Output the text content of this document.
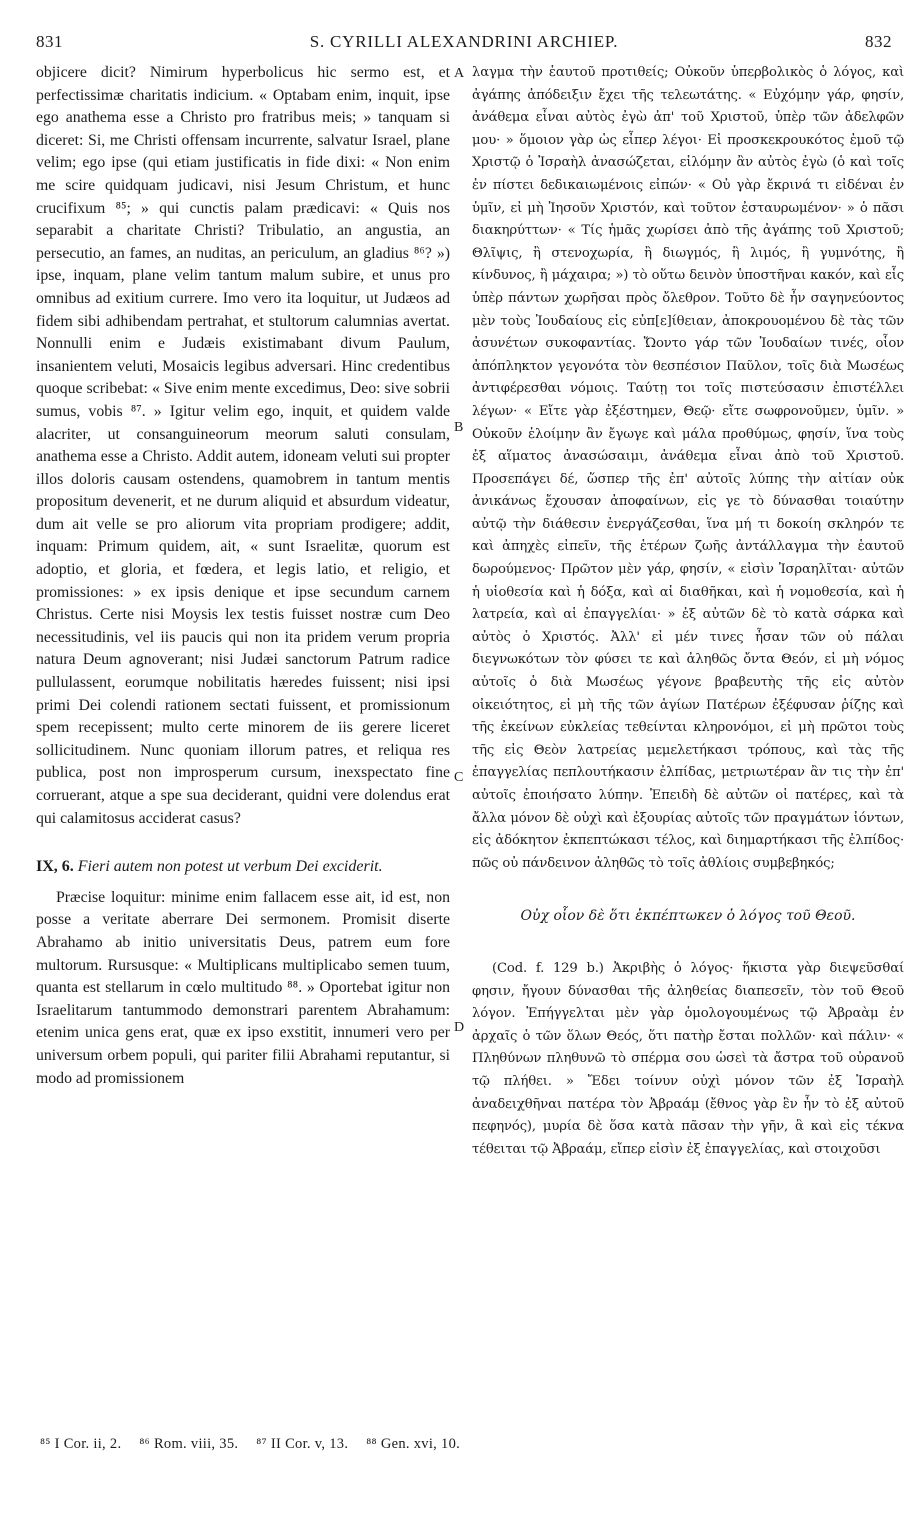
831	S. CYRILLI ALEXANDRINI ARCHIEP.	832
A
B
C
D

objicere dicit? Nimirum hyperbolicus hic sermo est, et perfectissimæ charitatis indicium. « Optabam enim, inquit, ipse ego anathema esse a Christo pro fratribus meis; » tanquam si diceret: Si, me Christi offensam incurrente, salvatur Israel, plane velim; ego ipse (qui etiam justificatis in fide dixi: « Non enim me scire quidquam judicavi, nisi Jesum Christum, et hunc crucifixum ⁸⁵; » qui cunctis palam prædicavi: « Quis nos separabit a charitate Christi? Tribulatio, an angustia, an persecutio, an fames, an nuditas, an periculum, an gladius ⁸⁶? ») ipse, inquam, plane velim tantum malum subire, et unus pro omnibus ad exitium currere. Imo vero ita loquitur, ut Judæos ad fidem sibi adhibendam pertrahat, et stultorum calumnias avertat. Nonnulli enim e Judæis existimabant divum Paulum, insanientem veluti, Mosaicis legibus adversari. Hinc credentibus quoque scribebat: « Sive enim mente excedimus, Deo: sive sobrii sumus, vobis ⁸⁷. » Igitur velim ego, inquit, et quidem valde alacriter, ut consanguineorum meorum saluti consulam, anathema esse a Christo. Addit autem, idoneam veluti sui propter illos doloris causam ostendens, quamobrem in tantum mentis propositum devenerit, et ne durum aliquid et absurdum videatur, dum ait velle se pro aliorum vita propriam prodigere; addit, inquam: Primum quidem, ait, « sunt Israelitæ, quorum est adoptio, et gloria, et fœdera, et legis latio, et religio, et promissiones: » ex ipsis denique et ipse secundum carnem Christus. Certe nisi Moysis lex testis fuisset nostræ cum Deo necessitudinis, vel iis paucis qui non ita pridem verum propria natura Deum agnoverant; nisi Judæi sanctorum Patrum radice pullulassent, eorumque nobilitatis hæredes fuissent; nisi ipsi primi Dei colendi rationem sectati fuissent, et promissionum spem recepissent; multo certe minorem de iis gerere liceret sollicitudinem. Nunc quoniam illorum patres, et reliqua res publica, post non improsperum cursum, inexspectato fine corruerant, atque a spe sua deciderant, quidni vere dolendus erat qui calamitosus acciderat casus?

IX, 6. Fieri autem non potest ut verbum Dei exciderit.

Præcise loquitur: minime enim fallacem esse ait, id est, non posse a veritate aberrare Dei sermonem. Promisit diserte Abrahamo ab initio universitatis Deus, patrem eum fore multorum. Rursusque: « Multiplicans multiplicabo semen tuum, quanta est stellarum in cœlo multitudo ⁸⁸. » Oportebat igitur non Israelitarum tantummodo demonstrari parentem Abrahamum: etenim unica gens erat, quæ ex ipso exstitit, innumeri vero per universum orbem populi, qui pariter filii Abrahami reputantur, si modo ad promissionem

λαγμα τὴν ἑαυτοῦ προτιθείς; Οὐκοῦν ὑπερβολικὸς ὁ λόγος, καὶ ἀγάπης ἀπόδειξιν ἔχει τῆς τελεωτάτης. « Εὐχόμην γάρ, φησίν, ἀνάθεμα εἶναι αὐτὸς ἐγὼ ἀπ' τοῦ Χριστοῦ, ὑπὲρ τῶν ἀδελφῶν μου· » ὅμοιον γὰρ ὡς εἶπερ λέγοι· Εἰ προσκεκρουκότος ἐμοῦ τῷ Χριστῷ ὁ Ἰσραὴλ ἀνασώζεται, εἰλόμην ἂν αὐτὸς ἐγὼ (ὁ καὶ τοῖς ἐν πίστει δεδικαιωμένοις εἰπών· « Οὐ γὰρ ἔκρινά τι εἰδέναι ἐν ὑμῖν, εἰ μὴ Ἰησοῦν Χριστόν, καὶ τοῦτον ἐσταυρωμένον· » ὁ πᾶσι διακηρύττων· « Τίς ἡμᾶς χωρίσει ἀπὸ τῆς ἀγάπης τοῦ Χριστοῦ; Θλῖψις, ἢ στενοχωρία, ἢ διωγμός, ἢ λιμός, ἢ γυμνότης, ἢ κίνδυνος, ἢ μάχαιρα; ») τὸ οὕτω δεινὸν ὑποστῆναι κακόν, καὶ εἷς ὑπὲρ πάντων χωρῆσαι πρὸς ὄλεθρον. Τοῦτο δὲ ἦν σαγηνεύοντος μὲν τοὺς Ἰουδαίους εἰς εὐπ[ε]ίθειαν, ἀποκρουομένου δὲ τὰς τῶν ἀσυνέτων συκοφαντίας. Ὤοντο γάρ τῶν Ἰουδαίων τινές, οἷον ἀπόπληκτον γεγονότα τὸν θεσπέσιον Παῦλον, τοῖς διὰ Μωσέως ἀντιφέρεσθαι νόμοις. Ταύτῃ τοι τοῖς πιστεύσασιν ἐπιστέλλει λέγων· « Εἴτε γὰρ ἐξέστημεν, Θεῷ· εἴτε σωφρονοῦμεν, ὑμῖν. » Οὐκοῦν ἑλοίμην ἂν ἔγωγε καὶ μάλα προθύμως, φησίν, ἵνα τοὺς ἐξ αἵματος ἀνασώσαιμι, ἀνάθεμα εἶναι ἀπὸ τοῦ Χριστοῦ. Προσεπάγει δέ, ὥσπερ τῆς ἐπ' αὐτοῖς λύπης τὴν αἰτίαν οὐκ ἀνικάνως ἔχουσαν ἀποφαίνων, εἰς γε τὸ δύνασθαι τοιαύτην αὐτῷ τὴν διάθεσιν ἐνεργάζεσθαι, ἵνα μή τι δοκοίη σκληρόν τε καὶ ἀπηχὲς εἰπεῖν, τῆς ἑτέρων ζωῆς ἀντάλλαγμα τὴν ἑαυτοῦ δωρούμενος· Πρῶτον μὲν γάρ, φησίν, « εἰσὶν Ἰσραηλῖται· αὐτῶν ἡ υἱοθεσία καὶ ἡ δόξα, καὶ αἱ διαθῆκαι, καὶ ἡ νομοθεσία, καὶ ἡ λατρεία, καὶ αἱ ἐπαγγελίαι· » ἐξ αὐτῶν δὲ τὸ κατὰ σάρκα καὶ αὐτὸς ὁ Χριστός. Ἀλλ' εἰ μέν τινες ἦσαν τῶν οὐ πάλαι διεγνωκότων τὸν φύσει τε καὶ ἀληθῶς ὄντα Θεόν, εἰ μὴ νόμος αὐτοῖς ὁ διὰ Μωσέως γέγονε βραβευτὴς τῆς εἰς αὐτὸν οἰκειότητος, εἰ μὴ τῆς τῶν ἁγίων Πατέρων ἐξέφυσαν ῥίζης καὶ τῆς ἐκείνων εὐκλείας τεθείνται κληρονόμοι, εἰ μὴ πρῶτοι τοὺς τῆς εἰς Θεὸν λατρείας μεμελετήκασι τρόπους, καὶ τὰς τῆς ἐπαγγελίας πεπλουτήκασιν ἐλπίδας, μετριωτέραν ἂν τις τὴν ἐπ' αὐτοῖς ἐποιήσατο λύπην. Ἐπειδὴ δὲ αὐτῶν οἱ πατέρες, καὶ τὰ ἄλλα μόνον δὲ οὐχὶ καὶ ἐξουρίας αὐτοῖς τῶν πραγμάτων ἰόντων, εἰς ἀδόκητον ἐκπεπτώκασι τέλος, καὶ διημαρτήκασι τῆς ἐλπίδος· πῶς οὐ πάνδεινον ἀληθῶς τὸ τοῖς ἀθλίοις συμβεβηκός;

Οὐχ οἷον δὲ ὅτι ἐκπέπτωκεν ὁ λόγος τοῦ Θεοῦ.

(Cod. f. 129 b.) Ἀκριβὴς ὁ λόγος· ἥκιστα γὰρ διεψεῦσθαί φησιν, ἤγουν δύνασθαι τῆς ἀληθείας διαπεσεῖν, τὸν τοῦ Θεοῦ λόγον. Ἐπήγγελται μὲν γὰρ ὁμολογουμένως τῷ Ἀβραὰμ ἐν ἀρχαῖς ὁ τῶν ὅλων Θεός, ὅτι πατὴρ ἔσται πολλῶν· καὶ πάλιν· « Πληθύνων πληθυνῶ τὸ σπέρμα σου ὡσεὶ τὰ ἄστρα τοῦ οὐρανοῦ τῷ πλήθει. » Ἔδει τοίνυν οὐχὶ μόνον τῶν ἐξ Ἰσραὴλ ἀναδειχθῆναι πατέρα τὸν Ἀβραάμ (ἔθνος γὰρ ἓν ἦν τὸ ἐξ αὐτοῦ πεφηνός), μυρία δὲ ὅσα κατὰ πᾶσαν τὴν γῆν, ἃ καὶ εἰς τέκνα τέθειται τῷ Ἀβραάμ, εἴπερ εἰσὶν ἐξ ἐπαγγελίας, καὶ στοιχοῦσι

⁸⁵ I Cor. ii, 2. ⁸⁶ Rom. viii, 35. ⁸⁷ II Cor. v, 13. ⁸⁸ Gen. xvi, 10.
